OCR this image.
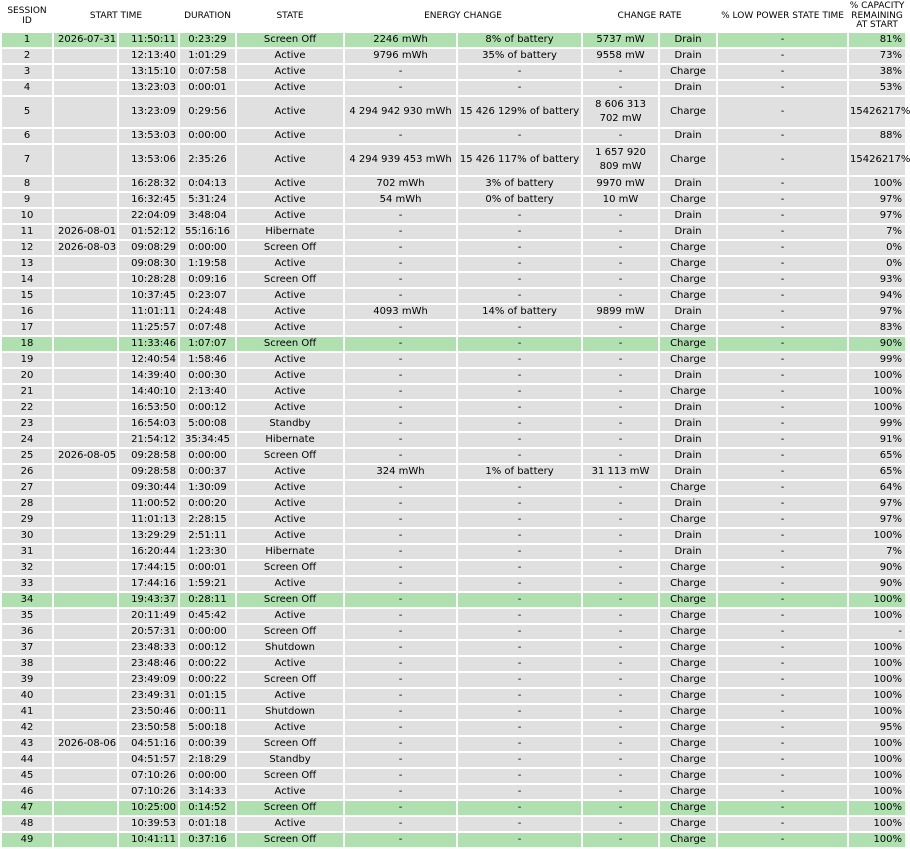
SESSION ID	START TIME		DURATION	STATE	ENERGY CHANGE		CHANGE RATE		% LOW POWER STATE TIME	% CAPACITY
REMAINING
AT START

1	2026-07-31	11:50:11	0:23:29	Screen Off	2246 mWh	8% of battery	5737 mW	Drain	-	81%
2		12:13:40	1:01:29	Active	9796 mWh	35% of battery	9558 mW	Drain	-	73%
3		13:15:10	0:07:58	Active	-	-	-	Charge	-	38%
4		13:23:03	0:00:01	Active	-	-	-	Drain	-	53%
5		13:23:09	0:29:56	Active	4 294 942 930 mWh	15 426 129% of battery	8 606 313 702 mW	Charge	-	15426217%
6		13:53:03	0:00:00	Active	-	-	-	Drain	-	88%
7		13:53:06	2:35:26	Active	4 294 939 453 mWh	15 426 117% of battery	1 657 920 809 mW	Charge	-	15426217%
8		16:28:32	0:04:13	Active	702 mWh	3% of battery	9970 mW	Drain	-	100%
9		16:32:45	5:31:24	Active	54 mWh	0% of battery	10 mW	Charge	-	97%
10		22:04:09	3:48:04	Active	-	-	-	Drain	-	97%
11	2026-08-01	01:52:12	55:16:16	Hibernate	-	-	-	Drain	-	7%
12	2026-08-03	09:08:29	0:00:00	Screen Off	-	-	-	Charge	-	0%
13		09:08:30	1:19:58	Active	-	-	-	Charge	-	0%
14		10:28:28	0:09:16	Screen Off	-	-	-	Charge	-	93%
15		10:37:45	0:23:07	Active	-	-	-	Charge	-	94%
16		11:01:11	0:24:48	Active	4093 mWh	14% of battery	9899 mW	Drain	-	97%
17		11:25:57	0:07:48	Active	-	-	-	Charge	-	83%
18		11:33:46	1:07:07	Screen Off	-	-	-	Charge	-	90%
19		12:40:54	1:58:46	Active	-	-	-	Charge	-	99%
20		14:39:40	0:00:30	Active	-	-	-	Drain	-	100%
21		14:40:10	2:13:40	Active	-	-	-	Charge	-	100%
22		16:53:50	0:00:12	Active	-	-	-	Drain	-	100%
23		16:54:03	5:00:08	Standby	-	-	-	Drain	-	99%
24		21:54:12	35:34:45	Hibernate	-	-	-	Drain	-	91%
25	2026-08-05	09:28:58	0:00:00	Screen Off	-	-	-	Drain	-	65%
26		09:28:58	0:00:37	Active	324 mWh	1% of battery	31 113 mW	Drain	-	65%
27		09:30:44	1:30:09	Active	-	-	-	Charge	-	64%
28		11:00:52	0:00:20	Active	-	-	-	Drain	-	97%
29		11:01:13	2:28:15	Active	-	-	-	Charge	-	97%
30		13:29:29	2:51:11	Active	-	-	-	Drain	-	100%
31		16:20:44	1:23:30	Hibernate	-	-	-	Drain	-	7%
32		17:44:15	0:00:01	Screen Off	-	-	-	Charge	-	90%
33		17:44:16	1:59:21	Active	-	-	-	Charge	-	90%
34		19:43:37	0:28:11	Screen Off	-	-	-	Charge	-	100%
35		20:11:49	0:45:42	Active	-	-	-	Charge	-	100%
36		20:57:31	0:00:00	Screen Off	-	-	-	Charge	-	-
37		23:48:33	0:00:12	Shutdown	-	-	-	Charge	-	100%
38		23:48:46	0:00:22	Active	-	-	-	Charge	-	100%
39		23:49:09	0:00:22	Screen Off	-	-	-	Charge	-	100%
40		23:49:31	0:01:15	Active	-	-	-	Charge	-	100%
41		23:50:46	0:00:11	Shutdown	-	-	-	Charge	-	100%
42		23:50:58	5:00:18	Active	-	-	-	Charge	-	95%
43	2026-08-06	04:51:16	0:00:39	Screen Off	-	-	-	Charge	-	100%
44		04:51:57	2:18:29	Standby	-	-	-	Charge	-	100%
45		07:10:26	0:00:00	Screen Off	-	-	-	Charge	-	100%
46		07:10:26	3:14:33	Active	-	-	-	Charge	-	100%
47		10:25:00	0:14:52	Screen Off	-	-	-	Charge	-	100%
48		10:39:53	0:01:18	Active	-	-	-	Charge	-	100%
49		10:41:11	0:37:16	Screen Off	-	-	-	Charge	-	100%
